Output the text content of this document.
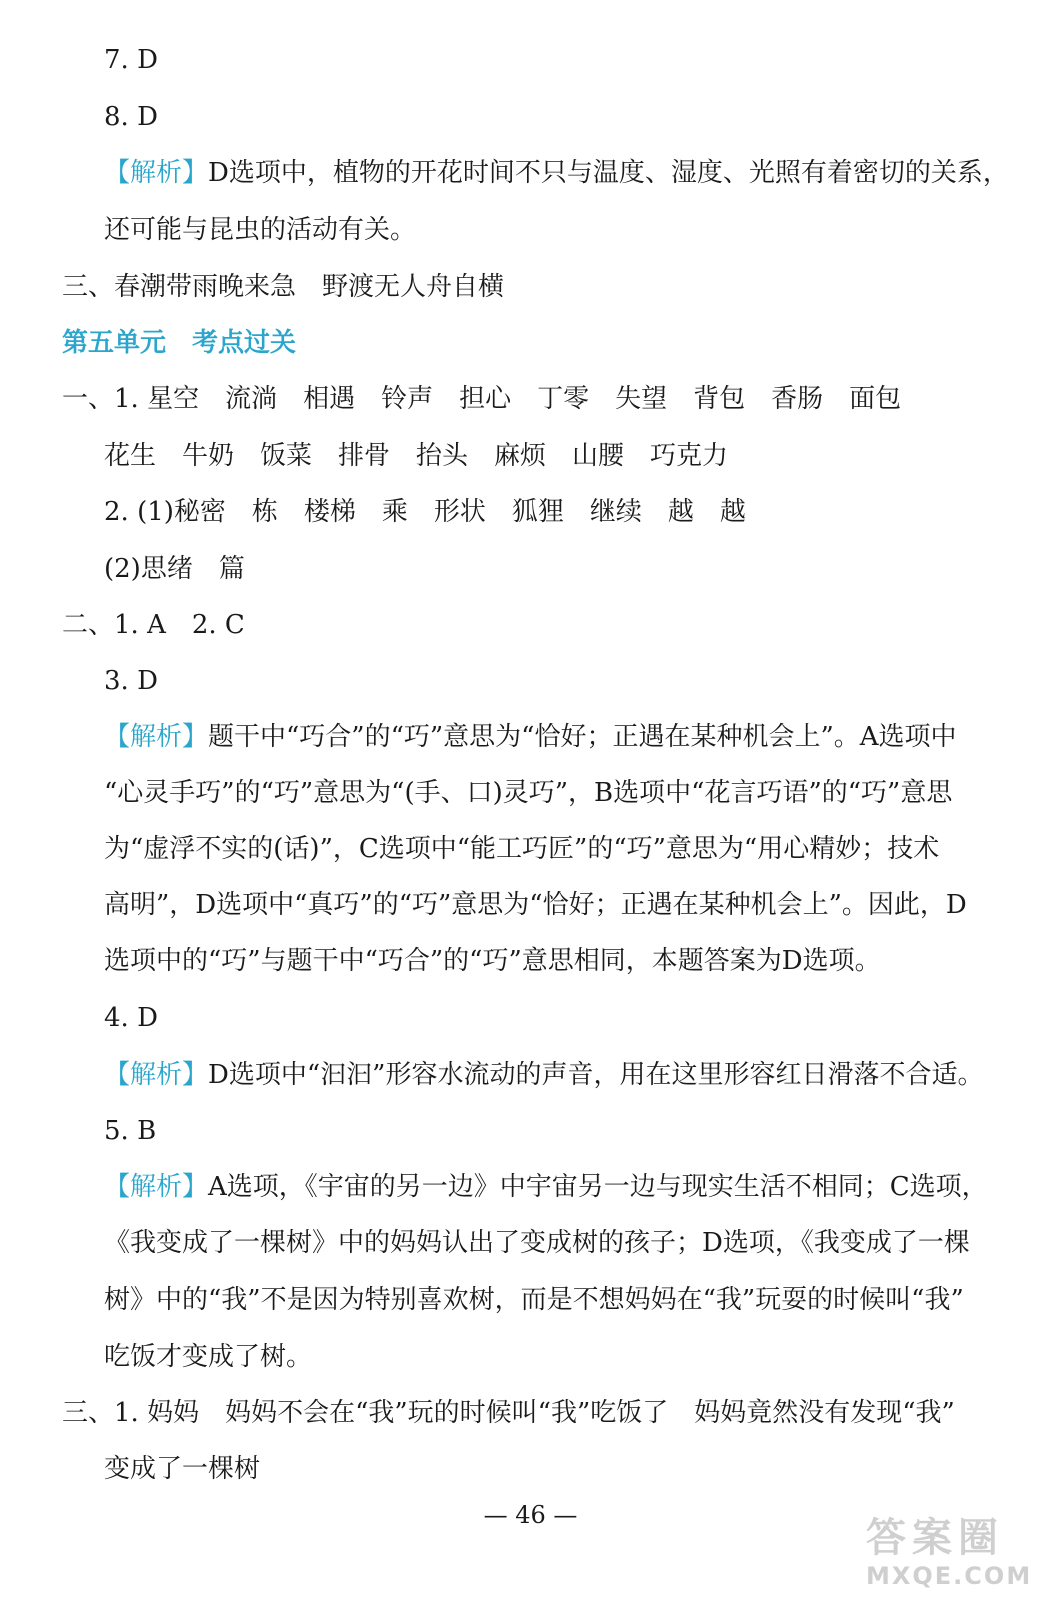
7. D
8. D
【解析】D选项中，植物的开花时间不只与温度、湿度、光照有着密切的关系，
还可能与昆虫的活动有关。
三、春潮带雨晚来急　野渡无人舟自横
第五单元　考点过关
一、1. 星空　流淌　相遇　铃声　担心　丁零　失望　背包　香肠　面包
花生　牛奶　饭菜　排骨　抬头　麻烦　山腰　巧克力
2. (1)秘密　栋　楼梯　乘　形状　狐狸　继续　越　越
(2)思绪　篇
二、1. A　2. C
3. D
【解析】题干中“巧合”的“巧”意思为“恰好；正遇在某种机会上”。A选项中
“心灵手巧”的“巧”意思为“(手、口)灵巧”，B选项中“花言巧语”的“巧”意思
为“虚浮不实的(话)”，C选项中“能工巧匠”的“巧”意思为“用心精妙；技术
高明”，D选项中“真巧”的“巧”意思为“恰好；正遇在某种机会上”。因此，D
选项中的“巧”与题干中“巧合”的“巧”意思相同，本题答案为D选项。
4. D
【解析】D选项中“汩汩”形容水流动的声音，用在这里形容红日滑落不合适。
5. B
【解析】A选项，《宇宙的另一边》中宇宙另一边与现实生活不相同；C选项，
《我变成了一棵树》中的妈妈认出了变成树的孩子；D选项，《我变成了一棵
树》中的“我”不是因为特别喜欢树，而是不想妈妈在“我”玩耍的时候叫“我”
吃饭才变成了树。
三、1. 妈妈　妈妈不会在“我”玩的时候叫“我”吃饭了　妈妈竟然没有发现“我”
变成了一棵树
— 46 —	答案圈
MXQE.COM
